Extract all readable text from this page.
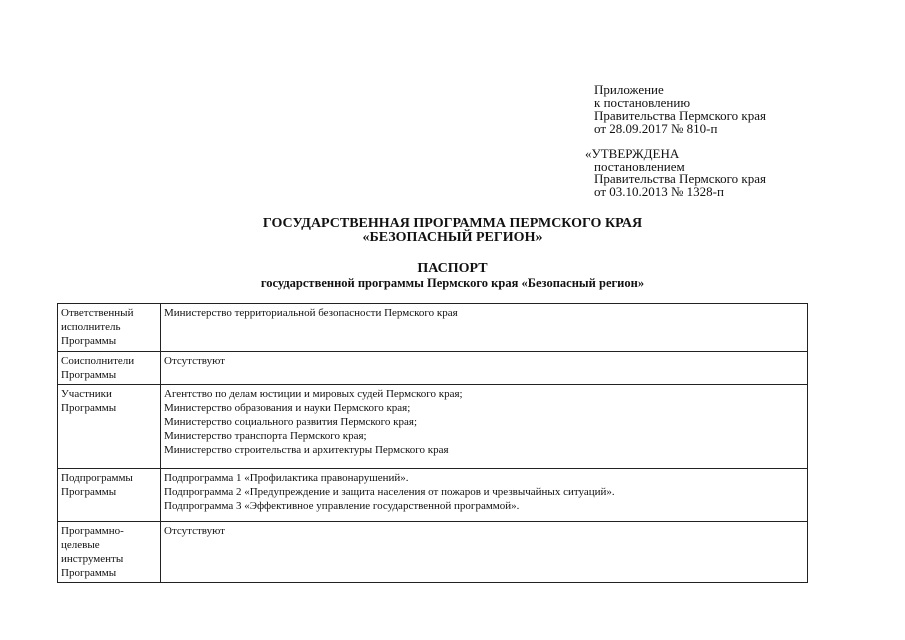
Приложение
к постановлению
Правительства Пермского края
от 28.09.2017 № 810-п
«УТВЕРЖДЕНА
постановлением
Правительства Пермского края
от 03.10.2013 № 1328-п
ГОСУДАРСТВЕННАЯ ПРОГРАММА ПЕРМСКОГО КРАЯ
«БЕЗОПАСНЫЙ РЕГИОН»
ПАСПОРТ
государственной программы Пермского края «Безопасный регион»
Ответственный исполнитель Программы	Министерство территориальной безопасности Пермского края

Соисполнители Программы	Отсутствуют

Участники Программы	Агентство по делам юстиции и мировых судей Пермского края;
Министерство образования и науки Пермского края;
Министерство социального развития Пермского края;
Министерство транспорта Пермского края;
Министерство строительства и архитектуры Пермского края

Подпрограммы Программы	Подпрограмма 1 «Профилактика правонарушений».
Подпрограмма 2 «Предупреждение и защита населения от пожаров и чрезвычайных ситуаций».
Подпрограмма 3 «Эффективное управление государственной программой».

Программно-целевые инструменты Программы	Отсутствуют
